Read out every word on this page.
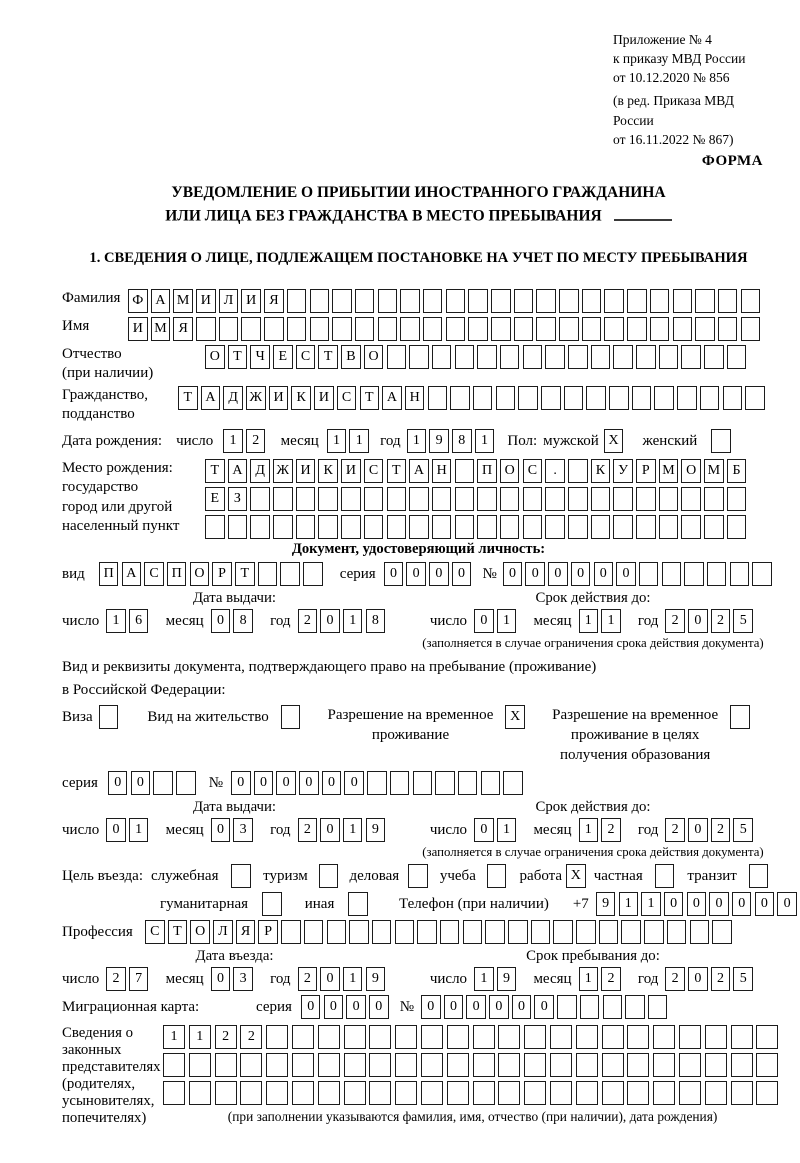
Приложение № 4
к приказу МВД России
от 10.12.2020 № 856
(в ред. Приказа МВД России
от 16.11.2022 № 867)
ФОРМА
УВЕДОМЛЕНИЕ О ПРИБЫТИИ ИНОСТРАННОГО ГРАЖДАНИНА
ИЛИ ЛИЦА БЕЗ ГРАЖДАНСТВА В МЕСТО ПРЕБЫВАНИЯ
1. СВЕДЕНИЯ О ЛИЦЕ, ПОДЛЕЖАЩЕМ ПОСТАНОВКЕ НА УЧЕТ ПО МЕСТУ ПРЕБЫВАНИЯ
Фамилия Ф А М И Л И Я
Имя	И М Я
Отчество
(при наличии)
О Т Ч Е С Т В О
Гражданство,
подданство
Т А Д Ж И К И С Т А Н
Дата рождения: число	1	2	месяц	1	1	год 1	9	8	1	Пол: мужской X	женский
Место рождения:
государство
город или другой
населенный пункт
Т А Д Ж И К И С Т А Н	П О С	.	К У Р М О М Б
Е	З
Документ, удостоверяющий личность:
вид	П А С П О Р	Т	серия	0	0	0	0	№ 0	0	0	0	0	0
Дата выдачи:
число 1	6	месяц 0	8	год 2	0	1	8
Срок действия до:
число 0	1	месяц 1	1	год 2	0	2	5
(заполняется в случае ограничения срока действия документа)
Вид и реквизиты документа, подтверждающего право на пребывание (проживание)
в Российской Федерации:
Виза	Вид на жительство	Разрешение на временное
проживание
X	Разрешение на временное
проживание в целях
получения образования
серия	0	0	№	0	0	0	0	0	0
Дата выдачи:
число 0	1	месяц 0	3	год 2	0	1	9
Срок действия до:
число 0	1	месяц 1	2	год 2	0	2	5
(заполняется в случае ограничения срока действия документа)
Цель въезда: служебная	туризм	деловая	учеба	работа X частная	транзит
гуманитарная	иная	Телефон (при наличии) +7 9	1	1	0	0	0	0	0	0
Профессия	С Т О Л Я	Р
Дата въезда:
число 2	7	месяц 0	3	год 2	0	1	9
Срок пребывания до:
число 1	9	месяц 1	2	год 2	0	2	5
Миграционная карта:	серия	0	0	0	0	№ 0	0	0	0	0	0
Сведения о
законных
представителях
(родителях,
усыновителях,
попечителях)
1	1	2	2
(при заполнении указываются фамилия, имя, отчество (при наличии), дата рождения)
